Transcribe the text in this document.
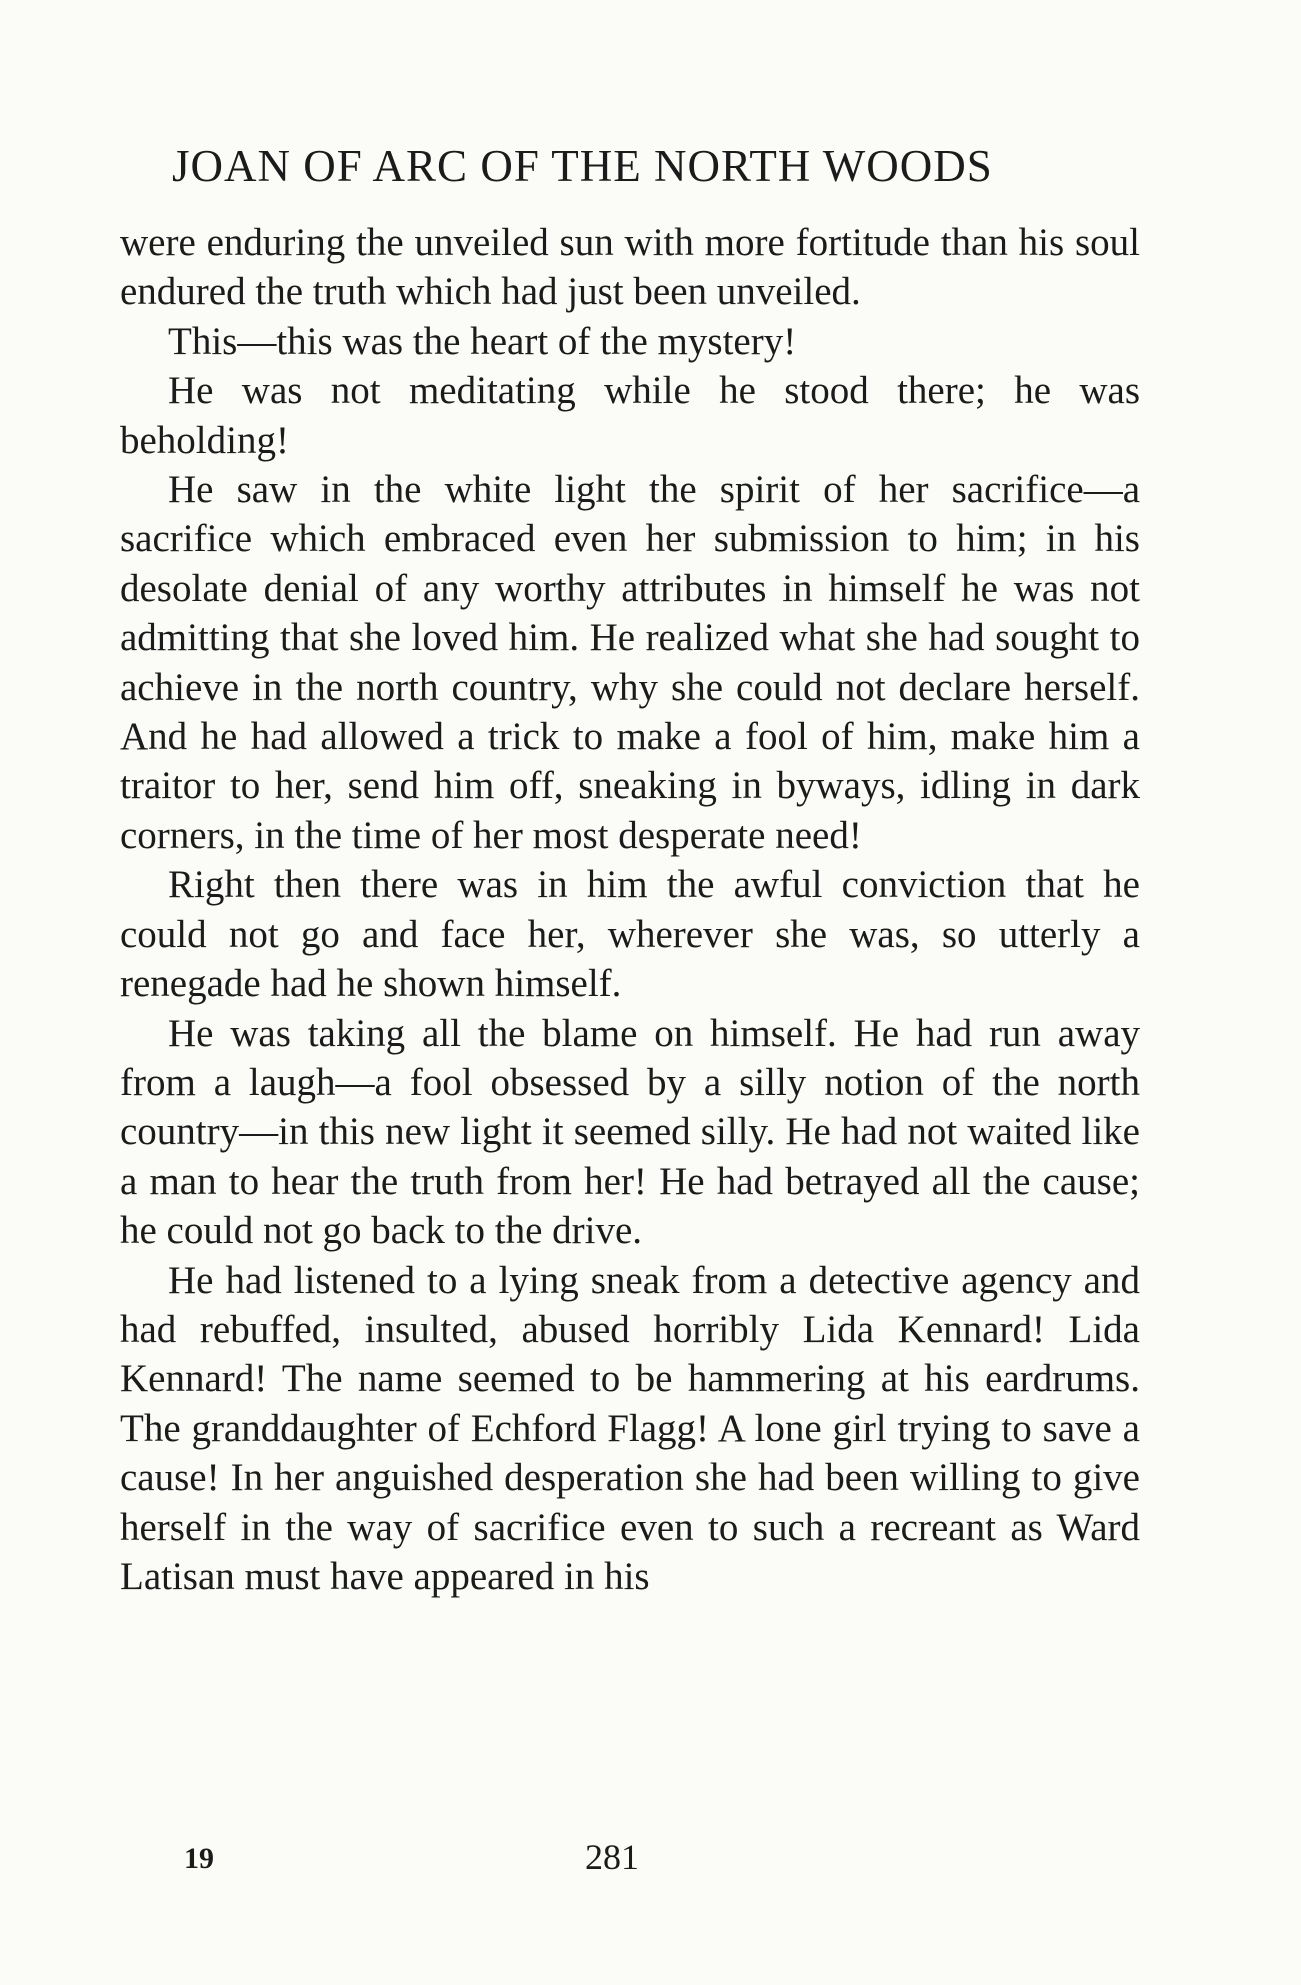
JOAN OF ARC OF THE NORTH WOODS

were enduring the unveiled sun with more fortitude than his soul endured the truth which had just been unveiled.

This—this was the heart of the mystery!

He was not meditating while he stood there; he was beholding!

He saw in the white light the spirit of her sacrifice—a sacrifice which embraced even her submission to him; in his desolate denial of any worthy attributes in himself he was not admitting that she loved him. He realized what she had sought to achieve in the north country, why she could not declare herself. And he had allowed a trick to make a fool of him, make him a traitor to her, send him off, sneaking in byways, idling in dark corners, in the time of her most desperate need!

Right then there was in him the awful conviction that he could not go and face her, wherever she was, so utterly a renegade had he shown himself.

He was taking all the blame on himself. He had run away from a laugh—a fool obsessed by a silly notion of the north country—in this new light it seemed silly. He had not waited like a man to hear the truth from her! He had betrayed all the cause; he could not go back to the drive.

He had listened to a lying sneak from a detective agency and had rebuffed, insulted, abused horribly Lida Kennard! Lida Kennard! The name seemed to be hammering at his eardrums. The granddaughter of Echford Flagg! A lone girl trying to save a cause! In her anguished desperation she had been willing to give herself in the way of sacrifice even to such a recreant as Ward Latisan must have appeared in his

19	281
